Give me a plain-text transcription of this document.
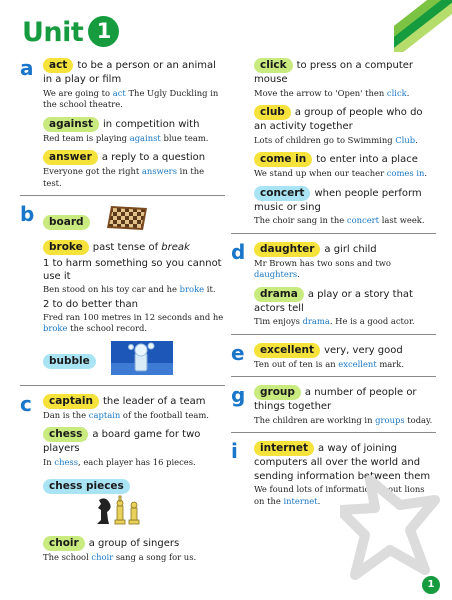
Unit 1
a	act to be a person or an animal in a play or film
We are going to act The Ugly Duckling in the school theatre.
against in competition with
Red team is playing against blue team.
answer a reply to a question
Everyone got the right answers in the test.
b	board
broke past tense of break
1 to harm something so you cannot use it
Ben stood on his toy car and he broke it.
2 to do better than
Fred ran 100 metres in 12 seconds and he broke the school record.
bubble
c	captain the leader of a team
Dan is the captain of the football team.
chess a board game for two players
In chess, each player has 16 pieces.
chess pieces
choir a group of singers
The school choir sang a song for us.
click to press on a computer mouse
Move the arrow to 'Open' then click.
club a group of people who do an activity together
Lots of children go to Swimming Club.
come in to enter into a place
We stand up when our teacher comes in.
concert when people perform music or sing
The choir sang in the concert last week.
d	daughter a girl child
Mr Brown has two sons and two daughters.
drama a play or a story that actors tell
Tim enjoys drama. He is a good actor.
e	excellent very, very good
Ten out of ten is an excellent mark.
g	group a number of people or things together
The children are working in groups today.
i	internet a way of joining computers all over the world and sending information between them
We found lots of information about lions on the internet.
1
